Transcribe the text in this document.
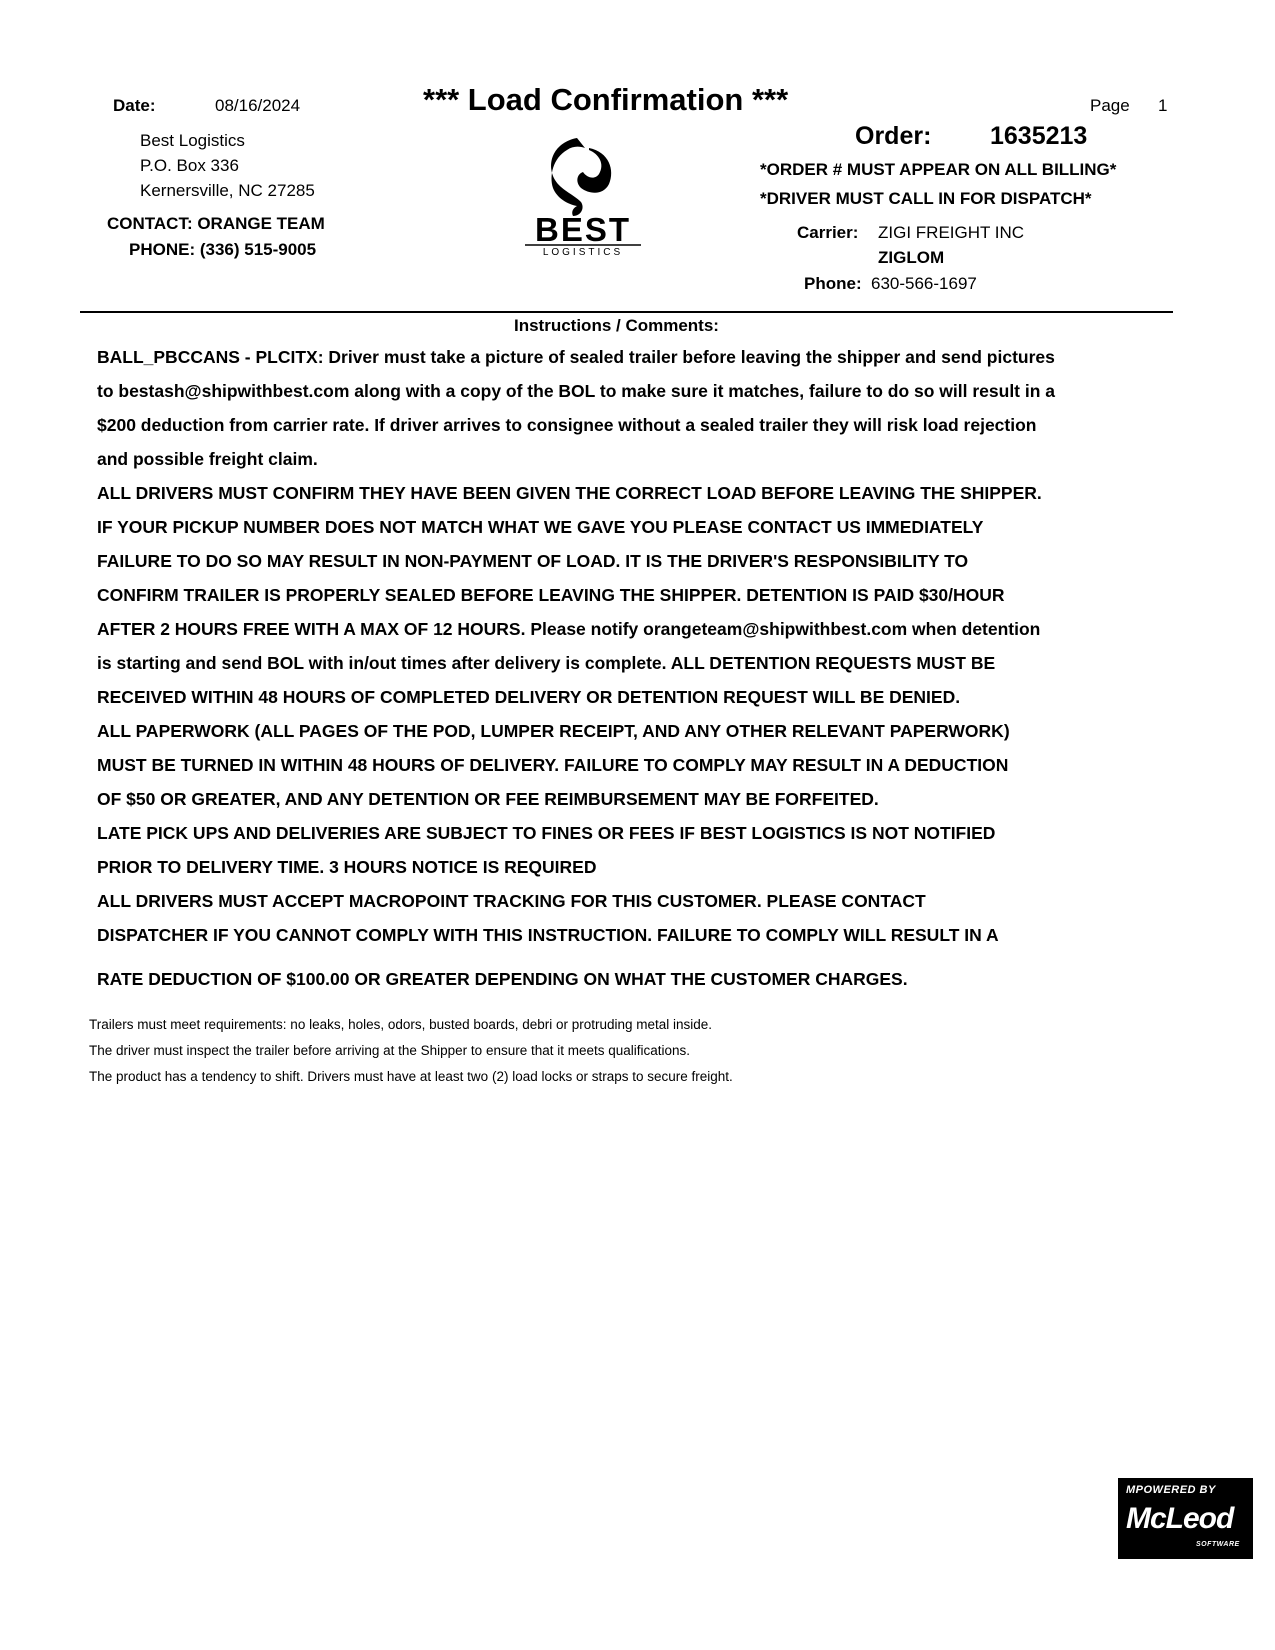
Date:	08/16/2024	*** Load Confirmation ***	Page 1
Best Logistics
P.O. Box 336
Kernersville, NC 27285
CONTACT: ORANGE TEAM
PHONE: (336) 515-9005
BEST
LOGISTICS
Order: 1635213
*ORDER # MUST APPEAR ON ALL BILLING*
*DRIVER MUST CALL IN FOR DISPATCH*
Carrier: ZIGI FREIGHT INC
ZIGLOM
Phone: 630-566-1697
Instructions / Comments:
BALL_PBCCANS - PLCITX: Driver must take a picture of sealed trailer before leaving the shipper and send pictures
to bestash@shipwithbest.com along with a copy of the BOL to make sure it matches, failure to do so will result in a
$200 deduction from carrier rate. If driver arrives to consignee without a sealed trailer they will risk load rejection
and possible freight claim.
ALL DRIVERS MUST CONFIRM THEY HAVE BEEN GIVEN THE CORRECT LOAD BEFORE LEAVING THE SHIPPER.
IF YOUR PICKUP NUMBER DOES NOT MATCH WHAT WE GAVE YOU PLEASE CONTACT US IMMEDIATELY
FAILURE TO DO SO MAY RESULT IN NON-PAYMENT OF LOAD. IT IS THE DRIVER'S RESPONSIBILITY TO
CONFIRM TRAILER IS PROPERLY SEALED BEFORE LEAVING THE SHIPPER. DETENTION IS PAID $30/HOUR
AFTER 2 HOURS FREE WITH A MAX OF 12 HOURS. Please notify orangeteam@shipwithbest.com when detention
is starting and send BOL with in/out times after delivery is complete. ALL DETENTION REQUESTS MUST BE
RECEIVED WITHIN 48 HOURS OF COMPLETED DELIVERY OR DETENTION REQUEST WILL BE DENIED.
ALL PAPERWORK (ALL PAGES OF THE POD, LUMPER RECEIPT, AND ANY OTHER RELEVANT PAPERWORK)
MUST BE TURNED IN WITHIN 48 HOURS OF DELIVERY. FAILURE TO COMPLY MAY RESULT IN A DEDUCTION
OF $50 OR GREATER, AND ANY DETENTION OR FEE REIMBURSEMENT MAY BE FORFEITED.
LATE PICK UPS AND DELIVERIES ARE SUBJECT TO FINES OR FEES IF BEST LOGISTICS IS NOT NOTIFIED
PRIOR TO DELIVERY TIME. 3 HOURS NOTICE IS REQUIRED
ALL DRIVERS MUST ACCEPT MACROPOINT TRACKING FOR THIS CUSTOMER. PLEASE CONTACT
DISPATCHER IF YOU CANNOT COMPLY WITH THIS INSTRUCTION. FAILURE TO COMPLY WILL RESULT IN A
RATE DEDUCTION OF $100.00 OR GREATER DEPENDING ON WHAT THE CUSTOMER CHARGES.
Trailers must meet requirements: no leaks, holes, odors, busted boards, debri or protruding metal inside.
The driver must inspect the trailer before arriving at the Shipper to ensure that it meets qualifications.
The product has a tendency to shift. Drivers must have at least two (2) load locks or straps to secure freight.
MPOWERED BY
McLeod
SOFTWARE
